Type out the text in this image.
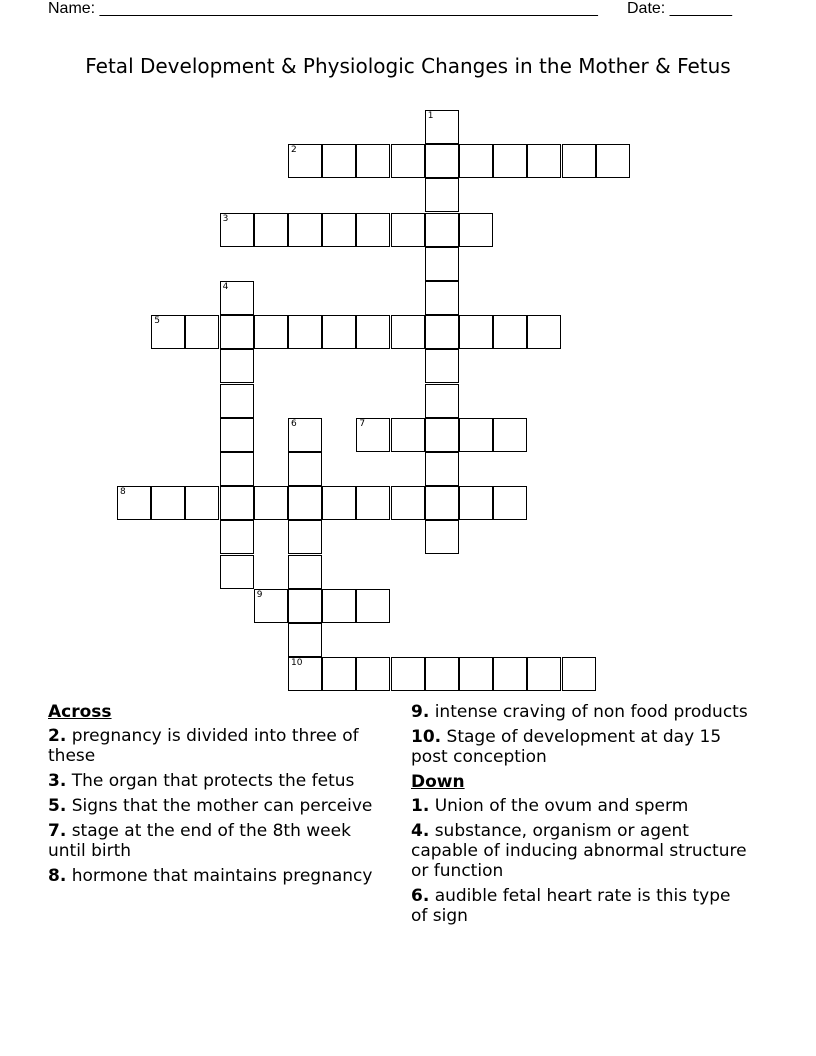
Name: ________________________________________________________ Date: _______
Fetal Development & Physiologic Changes in the Mother & Fetus
1
2
3
4
5
6
10
7
8
9
Across
2. pregnancy is divided into three of these
3. The organ that protects the fetus
5. Signs that the mother can perceive
7. stage at the end of the 8th week until birth
8. hormone that maintains pregnancy
9. intense craving of non food products
10. Stage of development at day 15 post conception
Down
1. Union of the ovum and sperm
4. substance, organism or agent capable of inducing abnormal structure or function
6. audible fetal heart rate is this type of sign
